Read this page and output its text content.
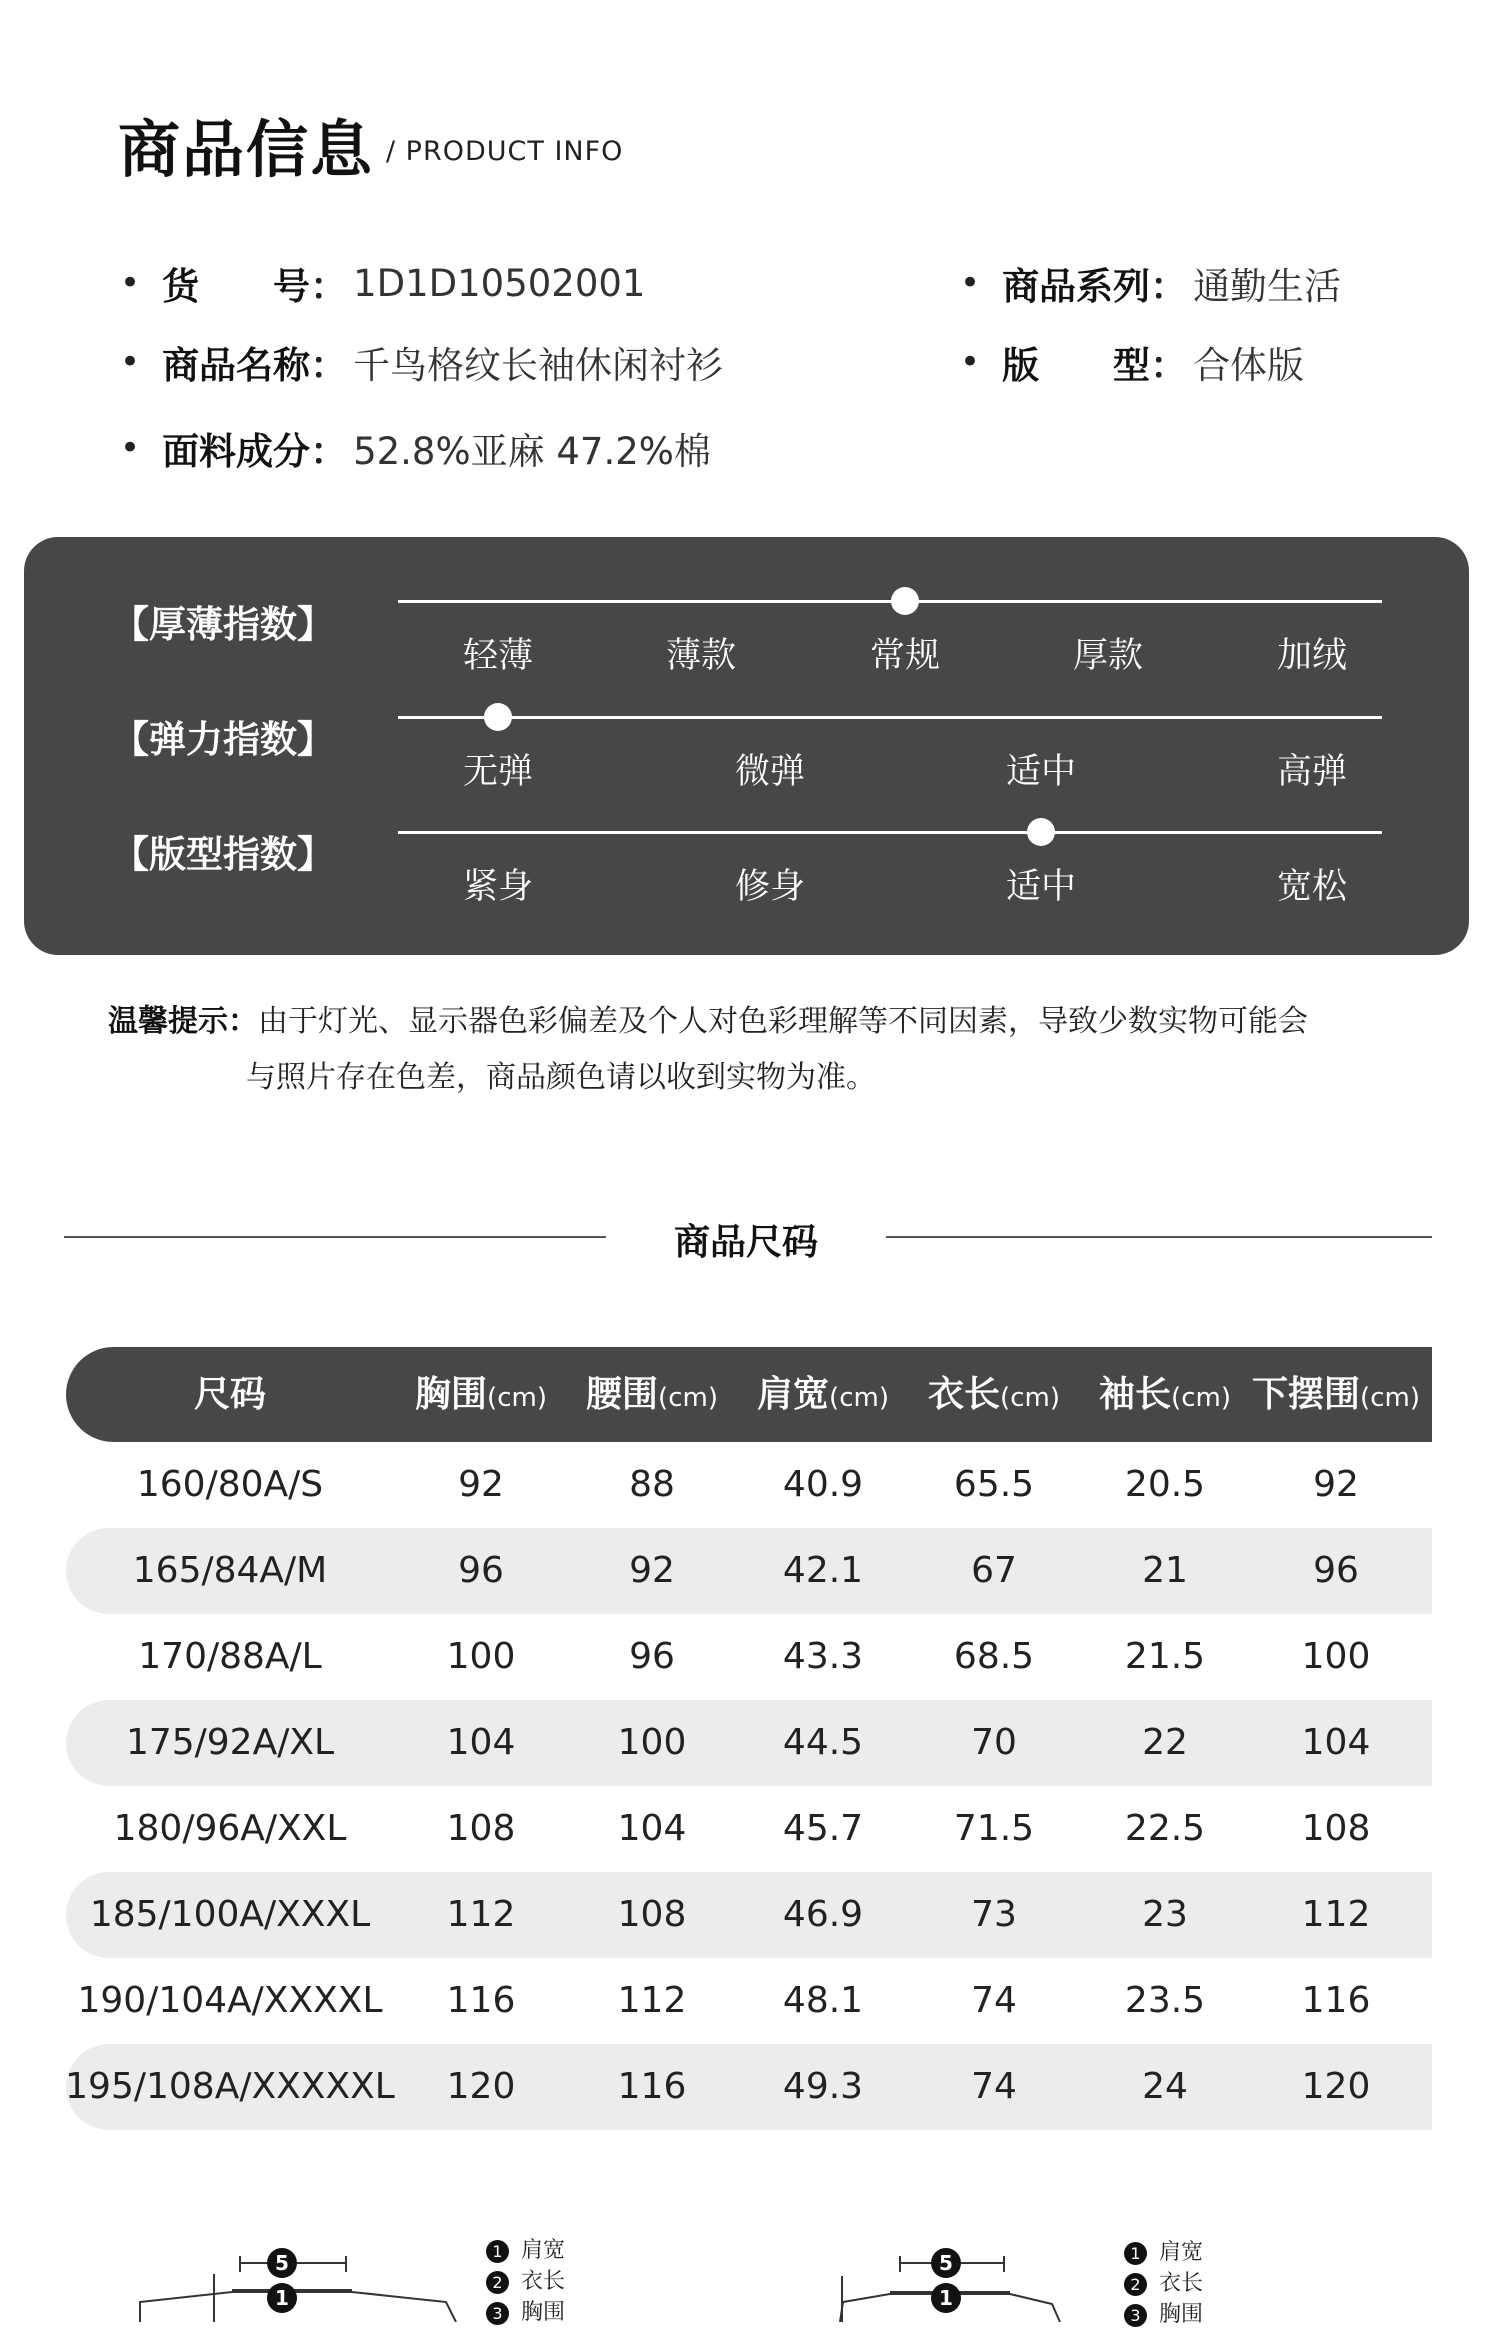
商品信息 / PRODUCT INFO
• 货　　号 ： 1D1D10502001	• 商品系列 ： 通勤生活
• 商品名称 ： 千鸟格纹长袖休闲衬衫	• 版　　型 ： 合体版
• 面料成分 ： 52.8%亚麻 47.2%棉
【厚薄指数】
轻薄	薄款	常规	厚款	加绒
【弹力指数】
无弹	微弹	适中	高弹
【版型指数】
紧身	修身	适中	宽松
温馨提示：由于灯光、显示器色彩偏差及个人对色彩理解等不同因素，导致少数实物可能会
与照片存在色差，商品颜色请以收到实物为准。
商品尺码
尺码	胸围(cm) 腰围(cm) 肩宽(cm) 衣长(cm) 袖长(cm) 下摆围(cm)
160/80A/S	92	88	40.9	65.5	20.5	92
165/84A/M	96	92	42.1	67	21	96
170/88A/L	100	96	43.3	68.5	21.5	100
175/92A/XL	104	100	44.5	70	22	104
180/96A/XXL	108	104	45.7	71.5	22.5	108
185/100A/XXXL 112	108	46.9	73	23	112
190/104A/XXXXL 116	112	48.1	74	23.5	116
195/108A/XXXXXL 120	116	49.3	74	24	120
5	5
1	1
1 肩宽
2 衣长
3 胸围
1 肩宽
2 衣长
3 胸围
